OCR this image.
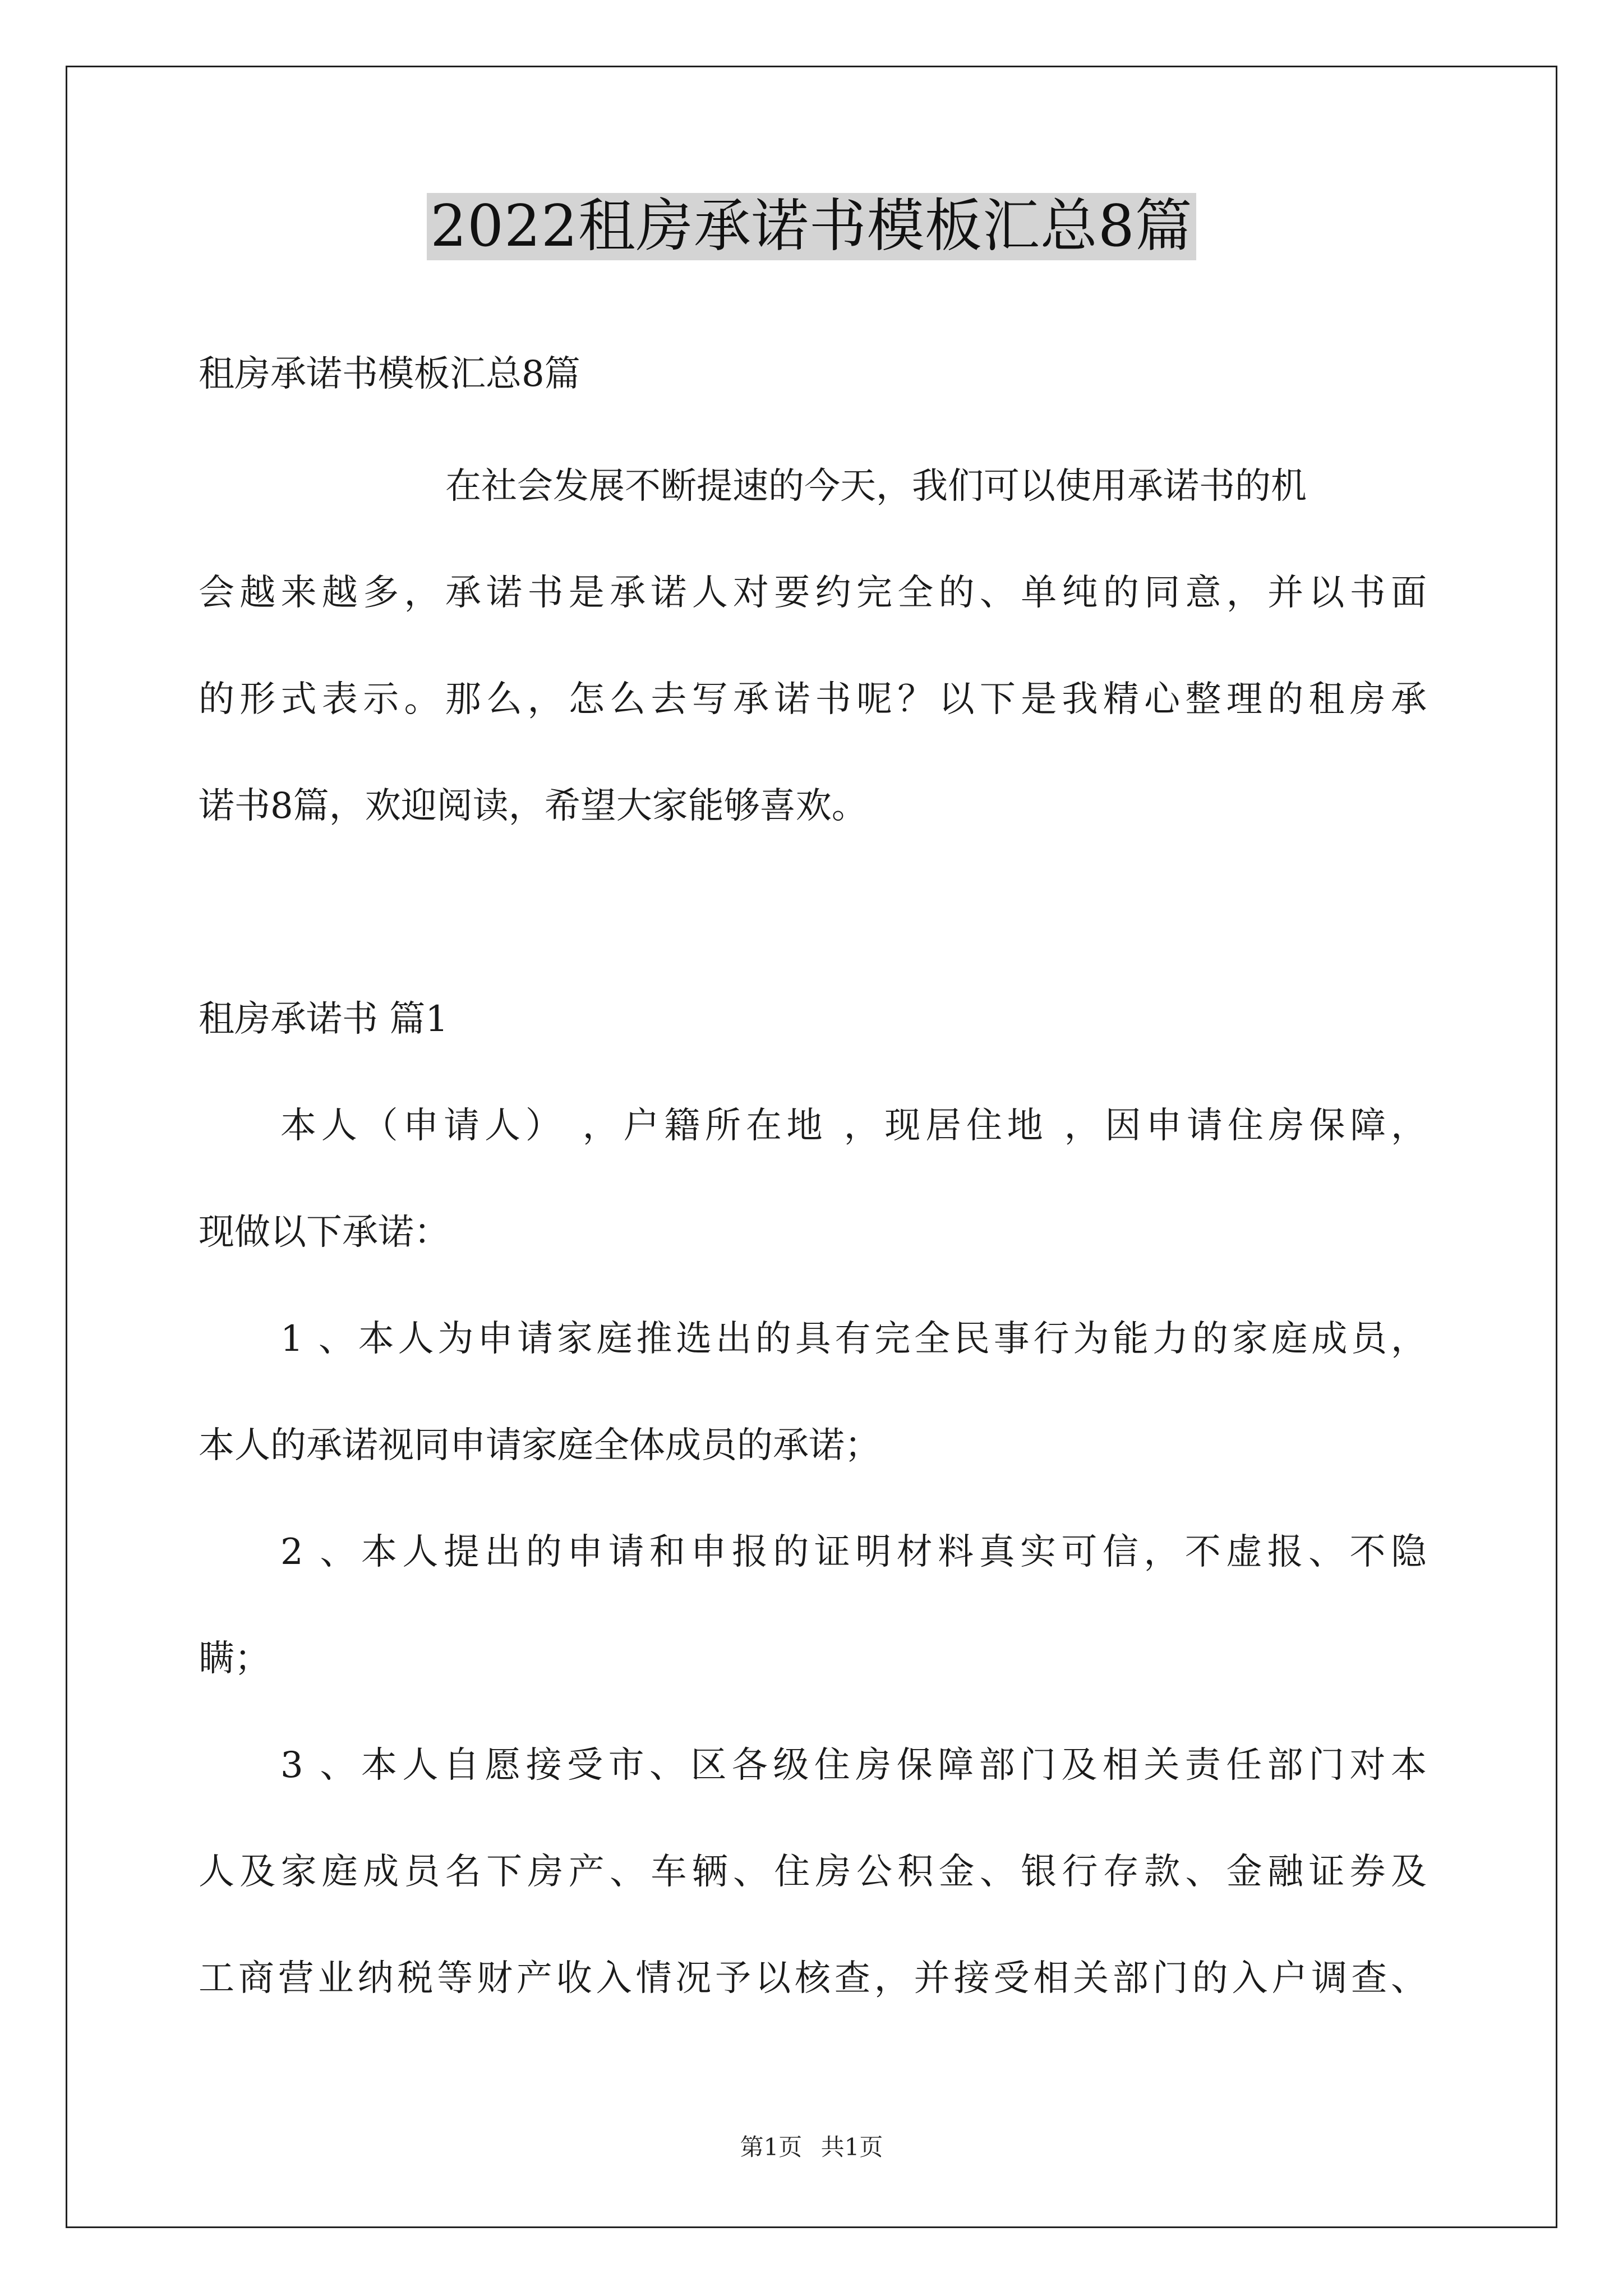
2022租房承诺书模板汇总8篇
租房承诺书模板汇总8篇
在社会发展不断提速的今天，我们可以使用承诺书的机
会越来越多，承诺书是承诺人对要约完全的、单纯的同意，并以书面
的形式表示。那么，怎么去写承诺书呢？以下是我精心整理的租房承
诺书8篇，欢迎阅读，希望大家能够喜欢。
租房承诺书 篇1
本人（申请人） ，户籍所在地 ，现居住地 ，因申请住房保障，
现做以下承诺：
1 、本人为申请家庭推选出的具有完全民事行为能力的家庭成员，
本人的承诺视同申请家庭全体成员的承诺；
2 、本人提出的申请和申报的证明材料真实可信，不虚报、不隐
瞒；
3 、本人自愿接受市、区各级住房保障部门及相关责任部门对本
人及家庭成员名下房产、车辆、住房公积金、银行存款、金融证券及
工商营业纳税等财产收入情况予以核查，并接受相关部门的入户调查、
第1页 共1页
